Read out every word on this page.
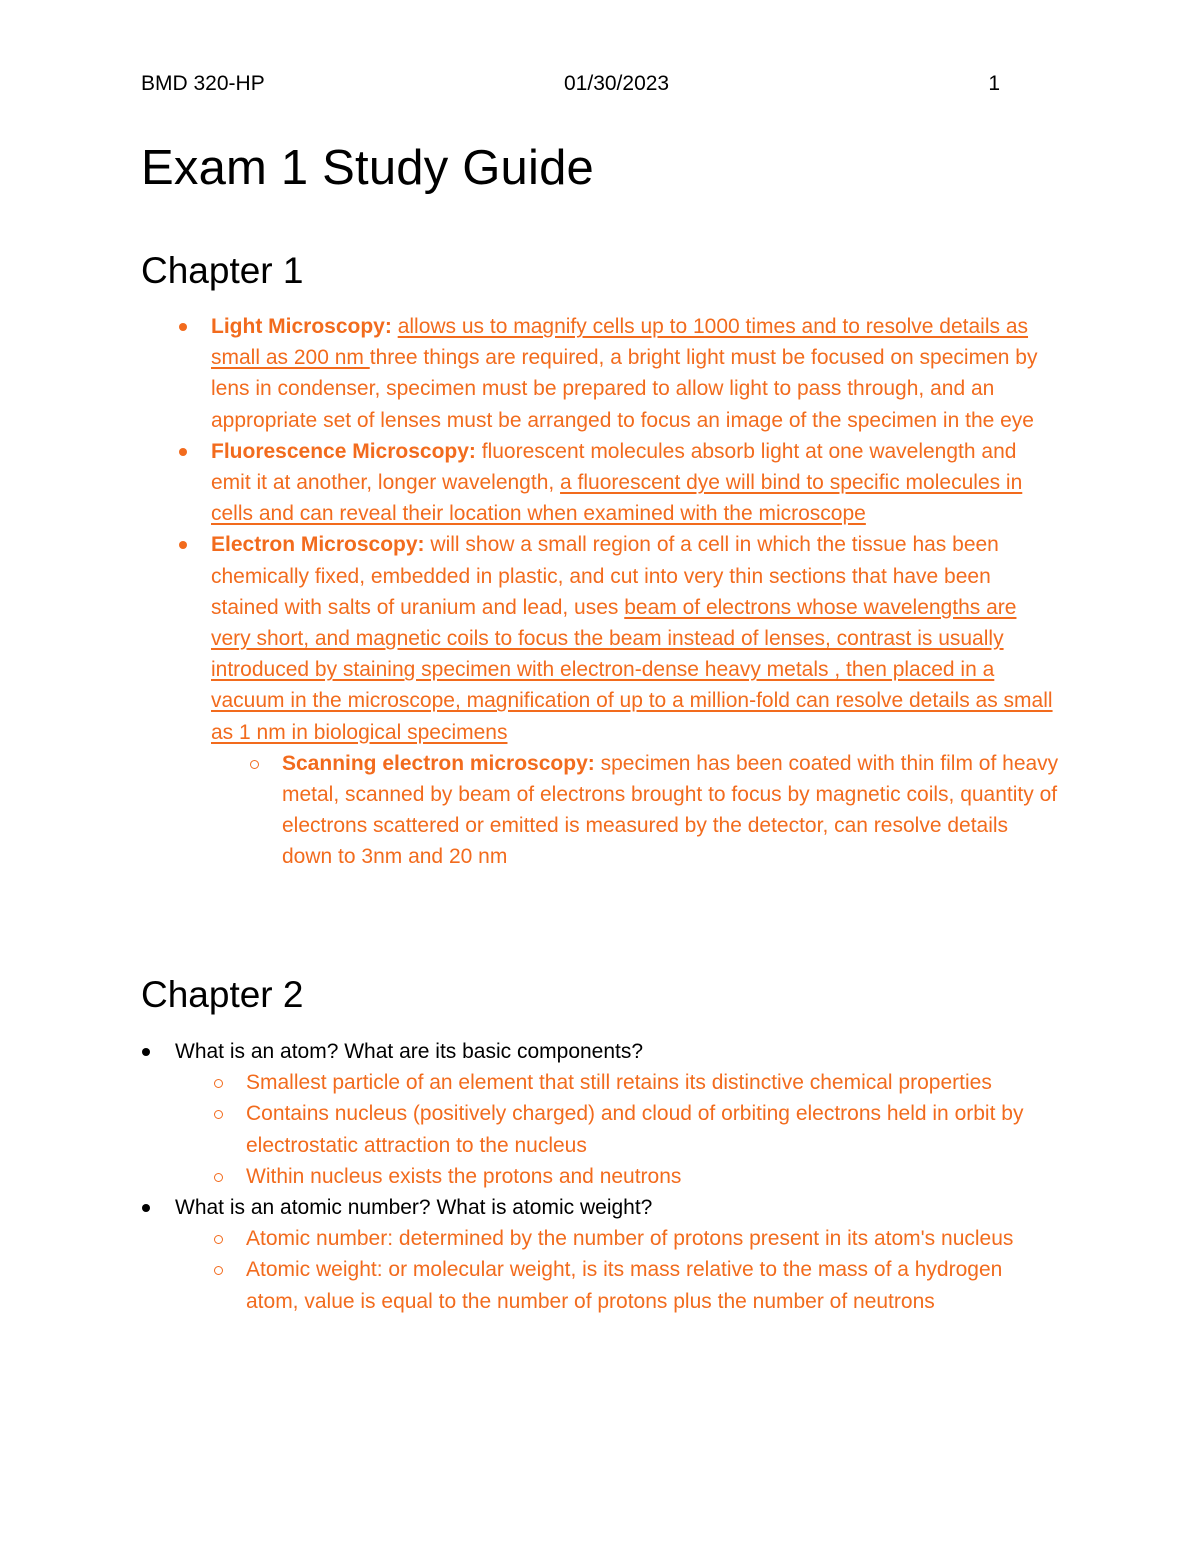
BMD 320-HP	01/30/2023	1
Exam 1 Study Guide
Chapter 1
Light Microscopy: allows us to magnify cells up to 1000 times and to resolve details as small as 200 nm three things are required, a bright light must be focused on specimen by lens in condenser, specimen must be prepared to allow light to pass through, and an appropriate set of lenses must be arranged to focus an image of the specimen in the eye
Fluorescence Microscopy: fluorescent molecules absorb light at one wavelength and emit it at another, longer wavelength, a fluorescent dye will bind to specific molecules in cells and can reveal their location when examined with the microscope
Electron Microscopy: will show a small region of a cell in which the tissue has been chemically fixed, embedded in plastic, and cut into very thin sections that have been stained with salts of uranium and lead, uses beam of electrons whose wavelengths are very short, and magnetic coils to focus the beam instead of lenses, contrast is usually introduced by staining specimen with electron-dense heavy metals , then placed in a vacuum in the microscope, magnification of up to a million-fold can resolve details as small as 1 nm in biological specimens
Scanning electron microscopy: specimen has been coated with thin film of heavy metal, scanned by beam of electrons brought to focus by magnetic coils, quantity of electrons scattered or emitted is measured by the detector, can resolve details down to 3nm and 20 nm
Chapter 2
What is an atom? What are its basic components?
Smallest particle of an element that still retains its distinctive chemical properties
Contains nucleus (positively charged) and cloud of orbiting electrons held in orbit by electrostatic attraction to the nucleus
Within nucleus exists the protons and neutrons
What is an atomic number? What is atomic weight?
Atomic number: determined by the number of protons present in its atom's nucleus
Atomic weight: or molecular weight, is its mass relative to the mass of a hydrogen atom, value is equal to the number of protons plus the number of neutrons
